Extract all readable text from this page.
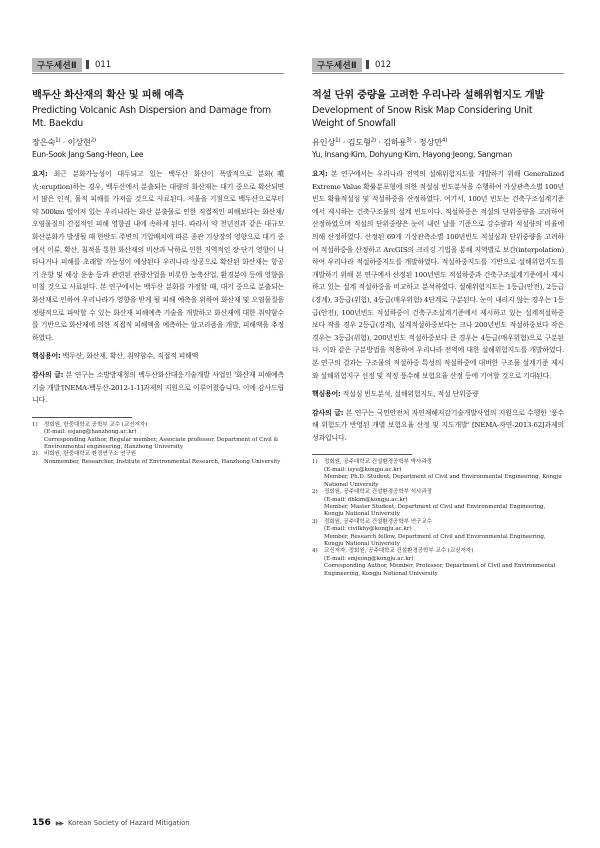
구두세션Ⅱ	011
백두산 화산재의 확산 및 피해 예측
Predicting Volcanic Ash Dispersion and Damage from Mt. Baekdu
장은숙$^{1)}$ · 이상현$^{2)}$
Eun-Sook Jang·Sang-Heon, Lee
요지: 최근 분화가능성이 대두되고 있는 백두산 화산이 폭발적으로 분화(噴火:eruption)하는 경우, 백두산에서 분출되는 대량의 화산재는 대기 중으로 확산되면서 많은 인적, 물적 피해를 가져올 것으로 사료된다. 서울을 기점으로 백두산으로부터 약 500km 떨어져 있는 우리나라는 화산 분출물로 인한 직접적인 피해보다는 화산재/오염물질의 간접적인 피해 영향권 내에 속하게 된다. 따라서 약 천년전과 같은 대규모 화산분화가 발생될 때 한반도 주변의 기압배치에 따른 종관 기상장의 영향으로 대기 중에서 이류, 확산, 침적을 통한 화산재의 비산과 낙하로 인한 지역적인 장·단기 영향이 나타나거나 피해를 초래할 가능성이 예상된다 우리나라 상공으로 확산된 화산재는 항공기 운항 및 해상 운송 등과 관련된 관광산업을 비롯한 농축산업, 환경분야 등에 영향을 미칠 것으로 사료된다. 본 연구에서는 백두산 분화를 가정할 때, 대기 중으로 분출되는 화산재로 인하여 우리나라가 영향을 받게 될 피해 예측을 위하여 화산재 및 오염물질을 정량적으로 파악할 수 있는 화산재 피해예측 기술을 개발하고 화산재에 대한 취약함수를 기반으로 화산재에 의한 직접적 피해액을 예측하는 알고리즘을 개발, 피해액을 추정하였다.
핵심용어: 백두산, 화산재, 확산, 취약함수, 직접적 피해액
감사의 글: 본 연구는 소방방재청의 백두산화산대응기술개발 사업인 '화산재 피해예측 기술 개발'[NEMA-백두산-2012-1-1]과제의 지원으로 이루어졌습니다. 이에 감사드립니다.
1)	정회원, 한중대학교 공학부 교수 (교신저자)
(E-mail: esjang@hanzhong.ac.kr)
Corresponding Author, Regular member, Associate professor, Department of Civil & Environmental engineering, Hanzhong University
2)	비회원, 한중대학교 환경연구소 연구원
Nonmember, Researcher, Institute of Environmental Research, Hanzhong University
구두세션Ⅱ	012
적설 단위 중량을 고려한 우리나라 설해위험지도 개발
Development of Snow Risk Map Considering Unit Weight of Snowfall
유인상$^{1)}$ · 김도형$^{2)}$ · 김하용$^{3)}$ · 정상만$^{4)}$
Yu, Insang·Kim, Dohyung·Kim, Hayong·Jeong, Sangman
요지: 본 연구에서는 우리나라 전역의 설해위험지도를 개발하기 위해 Generalized Extreme Value 확률분포형에 의한 적설심 빈도분석을 수행하여 가상관측소별 100년빈도 확률적설심 및 적설하중을 산정하였다. 여기서, 100년 빈도는 건축구조설계기준에서 제시하는 건축구조물의 설계 빈도이다. 적설하중은 적설의 단위중량을 고려하여 산정하였으며 적설의 단위중량은 눈이 내린 날을 기준으로 강수량과 적설량의 비율에 의해 산정하였다. 산정된 69개 기상관측소별 100년빈도 적설심과 단위중량을 고려하여 적설하중을 산정하고 ArcGIS의 크리깅 기법을 통해 지역별로 보간(interpolation)하여 우리나라 적설하중지도를 개발하였다. 적설하중지도를 기반으로 설해위험지도를 개발하기 위해 본 연구에서 산정된 100년빈도 적설하중과 건축구조설계기준에서 제시하고 있는 설계 적설하중을 비교하고 분석하였다. 설해위험지도는 1등급(안전), 2등급(경계), 3등급(위험), 4등급(매우위험) 4단계로 구분된다. 눈이 내리지 않는 경우는 1등급(안전), 100년빈도 적설하중이 건축구조설계기준에서 제시하고 있는 설계적설하중 보다 작을 경우 2등급(경계), 설계적설하중보다는 크나 200년빈도 적설하중보다 작은 경우는 3등급(위험), 200년빈도 적설하중보다 큰 경우는 4등급(매우위험)으로 구분된다. 이와 같은 구분방법을 적용하여 우리나라 전역에 대한 설해위험지도를 개발하였다. 본 연구의 결과는 구조물의 적설하중 특성의 적설하중에 대비한 구조물 설계기준 제시와 설해위험지구 선정 및 적정 풍수해 보험요율 산정 등에 기여할 것으로 기대된다.
핵심용어: 적설심 빈도분석, 설해위험지도, 적설 단위중량
감사의 글: 본 연구는 국민안전처 자연재해저감기술개발사업의 지원으로 수행한 '풍수해 위험도가 반영된 개별 보험요율 산정 및 지도개발' [NEMA-자연-2013-62]과제의 성과입니다.
1)	정회원, 공주대학교 건설환경공학부 박사과정
(E-mail: isyu@kongju.ac.kr)
Member, Ph.D. Student, Department of Civil and Environmental Engineering, Kongju National University
2)	정회원, 공주대학교 건설환경공학부 석사과정
(E-mail: dhkim@kongju.ac.kr)
Member, Master Student, Department of Civil and Environmental Engineering, Kongju National University
3)	정회원, 공주대학교 건설환경공학부 연구교수
(E-mail: civilkhy@kongju.ac.kr)
Member, Research fellow, Department of Civil and Environmental Engineering, Kongju National University
4)	교신저자, 정회원, 공주대학교 건설환경공학부 교수 (교신저자)
(E-mail: smjeong@kongju.ac.kr)
Corresponding Author, Member, Professor, Department of Civil and Environmental Engineering, Kongju National University
156 ▶▶ Korean Society of Hazard Mitigation
